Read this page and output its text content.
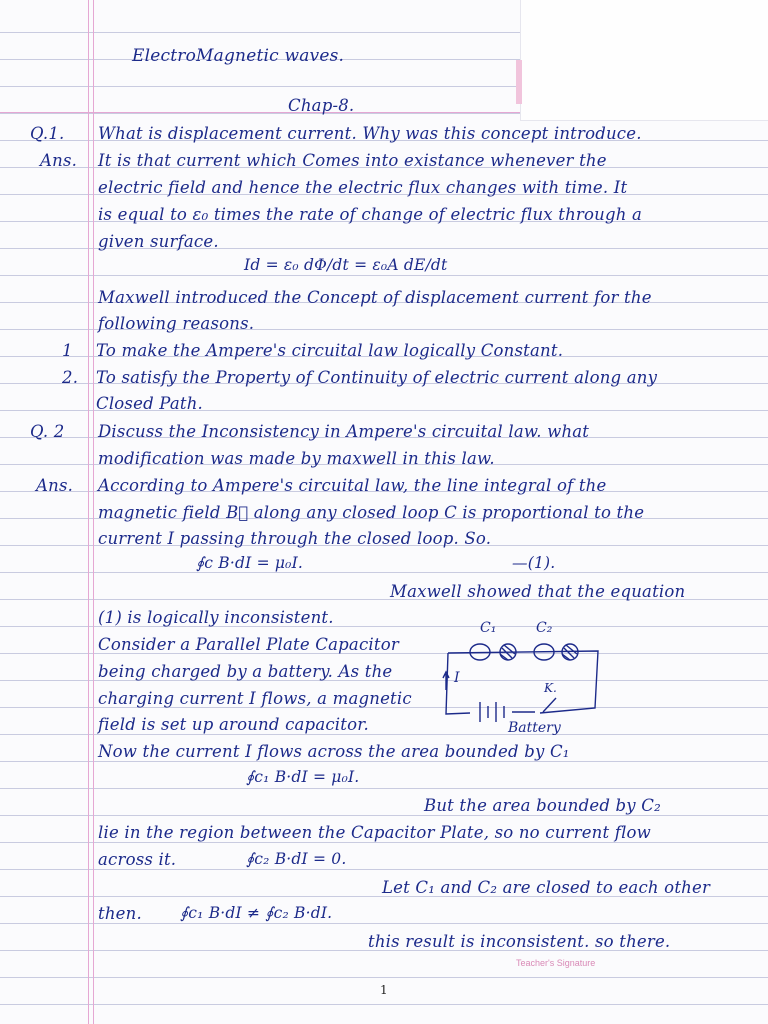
ElectroMagnetic waves.
Chap-8.
Q.1. What is displacement current. Why was this concept introduce.
Ans. It is that current which Comes into existance whenever the
electric field and hence the electric flux changes with time. It
is equal to ε₀ times the rate of change of electric flux through a
given surface.
Id = ε₀ dΦ/dt = ε₀A dE/dt
Maxwell introduced the Concept of displacement current for the
following reasons.
1 To make the Ampere's circuital law logically Constant.
2. To satisfy the Property of Continuity of electric current along any
Closed Path.
Q. 2 Discuss the Inconsistency in Ampere's circuital law. what
modification was made by maxwell in this law.
Ans. According to Ampere's circuital law, the line integral of the
magnetic field B⃗ along any closed loop C is proportional to the
current I passing through the closed loop. So.
∮c B·dI = μ₀I.	—(1).
Maxwell showed that the equation
(1) is logically inconsistent.
Consider a Parallel Plate Capacitor
being charged by a battery. As the
charging current I flows, a magnetic
field is set up around capacitor.
C₁	C₂
I
K.
Battery
Now the current I flows across the area bounded by C₁
∮c₁ B·dI = μ₀I.
But the area bounded by C₂
lie in the region between the Capacitor Plate, so no current flow
across it.	∮c₂ B·dI = 0.
Let C₁ and C₂ are closed to each other
then. ∮c₁ B·dI ≠ ∮c₂ B·dI.
this result is inconsistent. so there.
Teacher's Signature
1
